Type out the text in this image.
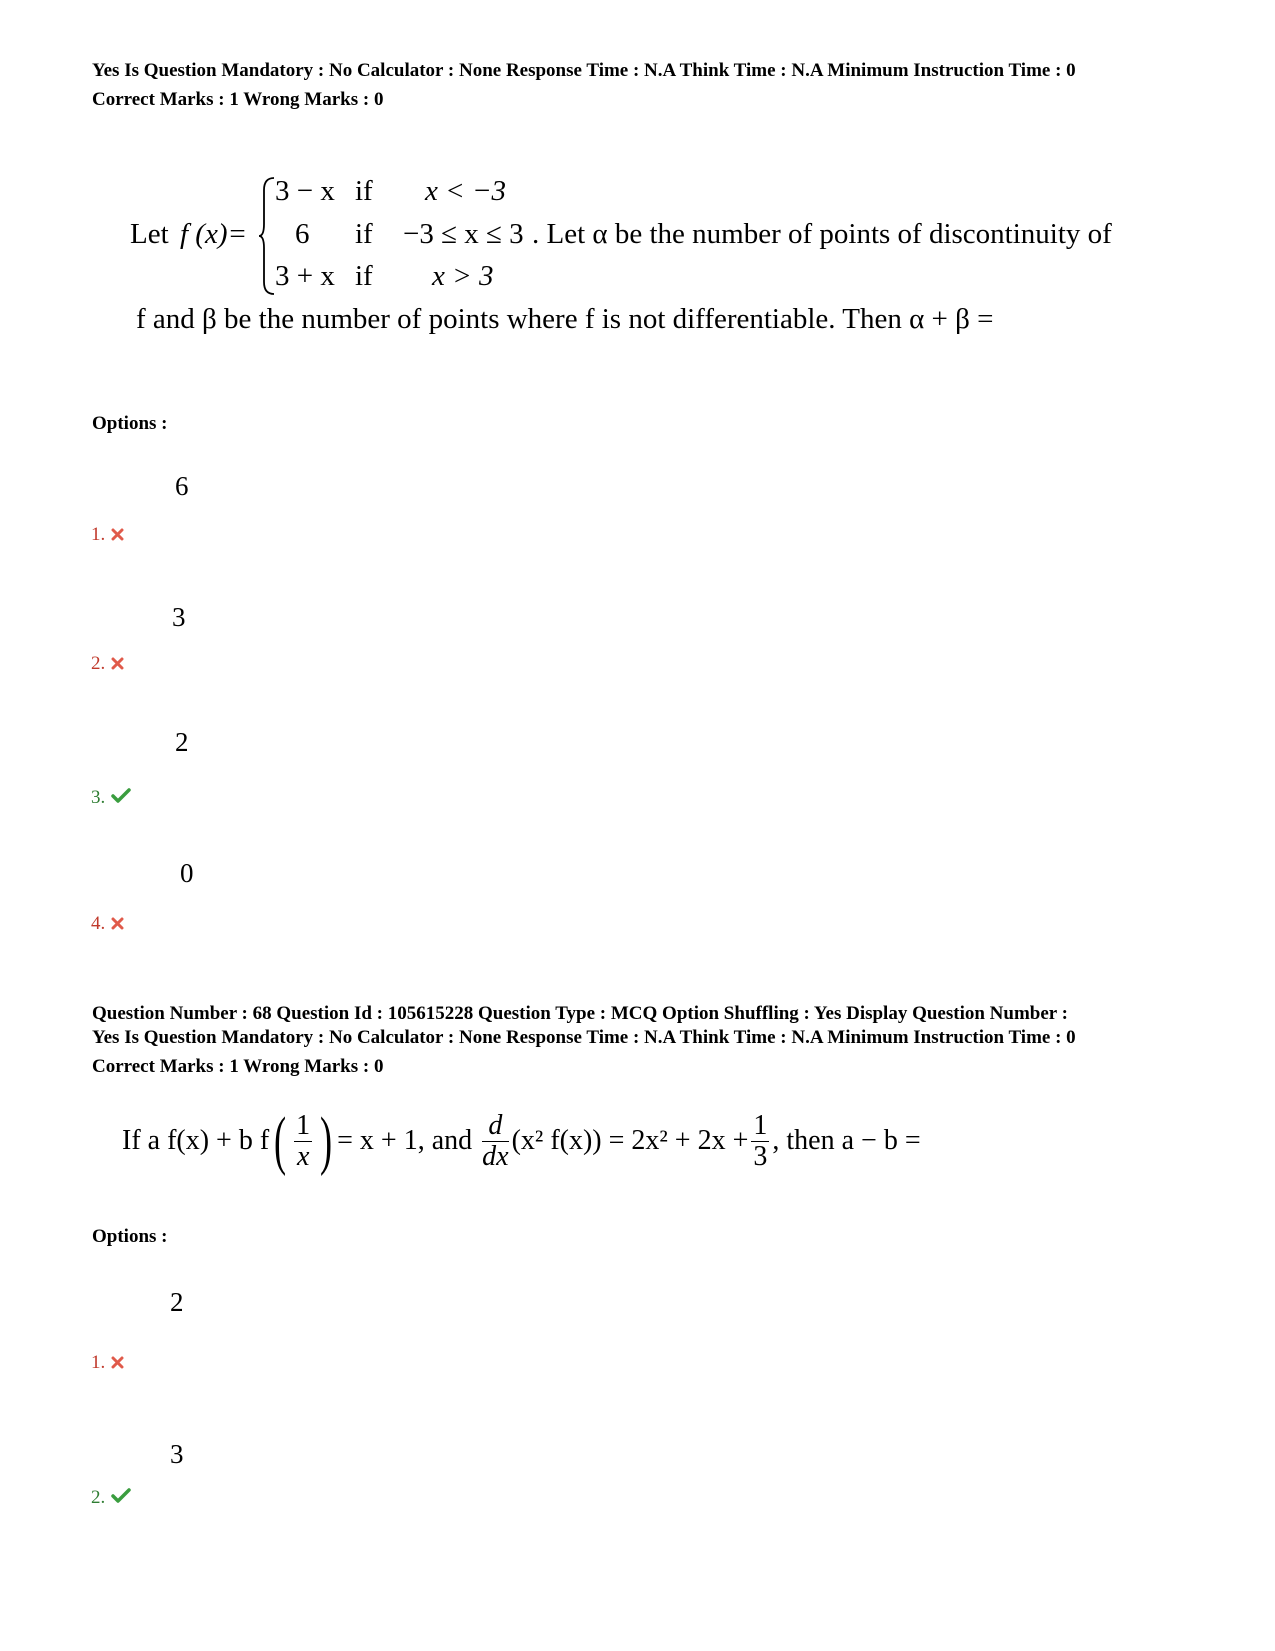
Yes Is Question Mandatory : No Calculator : None Response Time : N.A Think Time : N.A Minimum Instruction Time : 0
Correct Marks : 1 Wrong Marks : 0
Let f (x)=
3 − x if x < −3
6 if −3 ≤ x ≤ 3 . Let α be the number of points of discontinuity of
3 + x if x > 3
f and β be the number of points where f is not differentiable. Then α + β =
Options :
6
1.
3
2.
2
3.
0
4.
Question Number : 68 Question Id : 105615228 Question Type : MCQ Option Shuffling : Yes Display Question Number :
Yes Is Question Mandatory : No Calculator : None Response Time : N.A Think Time : N.A Minimum Instruction Time : 0
Correct Marks : 1 Wrong Marks : 0
If a f(x) + b $f( \frac{1}{x}$ ) = x + 1, and $\frac{d}{dx} (x^2$ $f(x)) = 2x^2 + 2x + \frac{1}{3}$ , then a − b =
Options :
2
1.
3
2.
